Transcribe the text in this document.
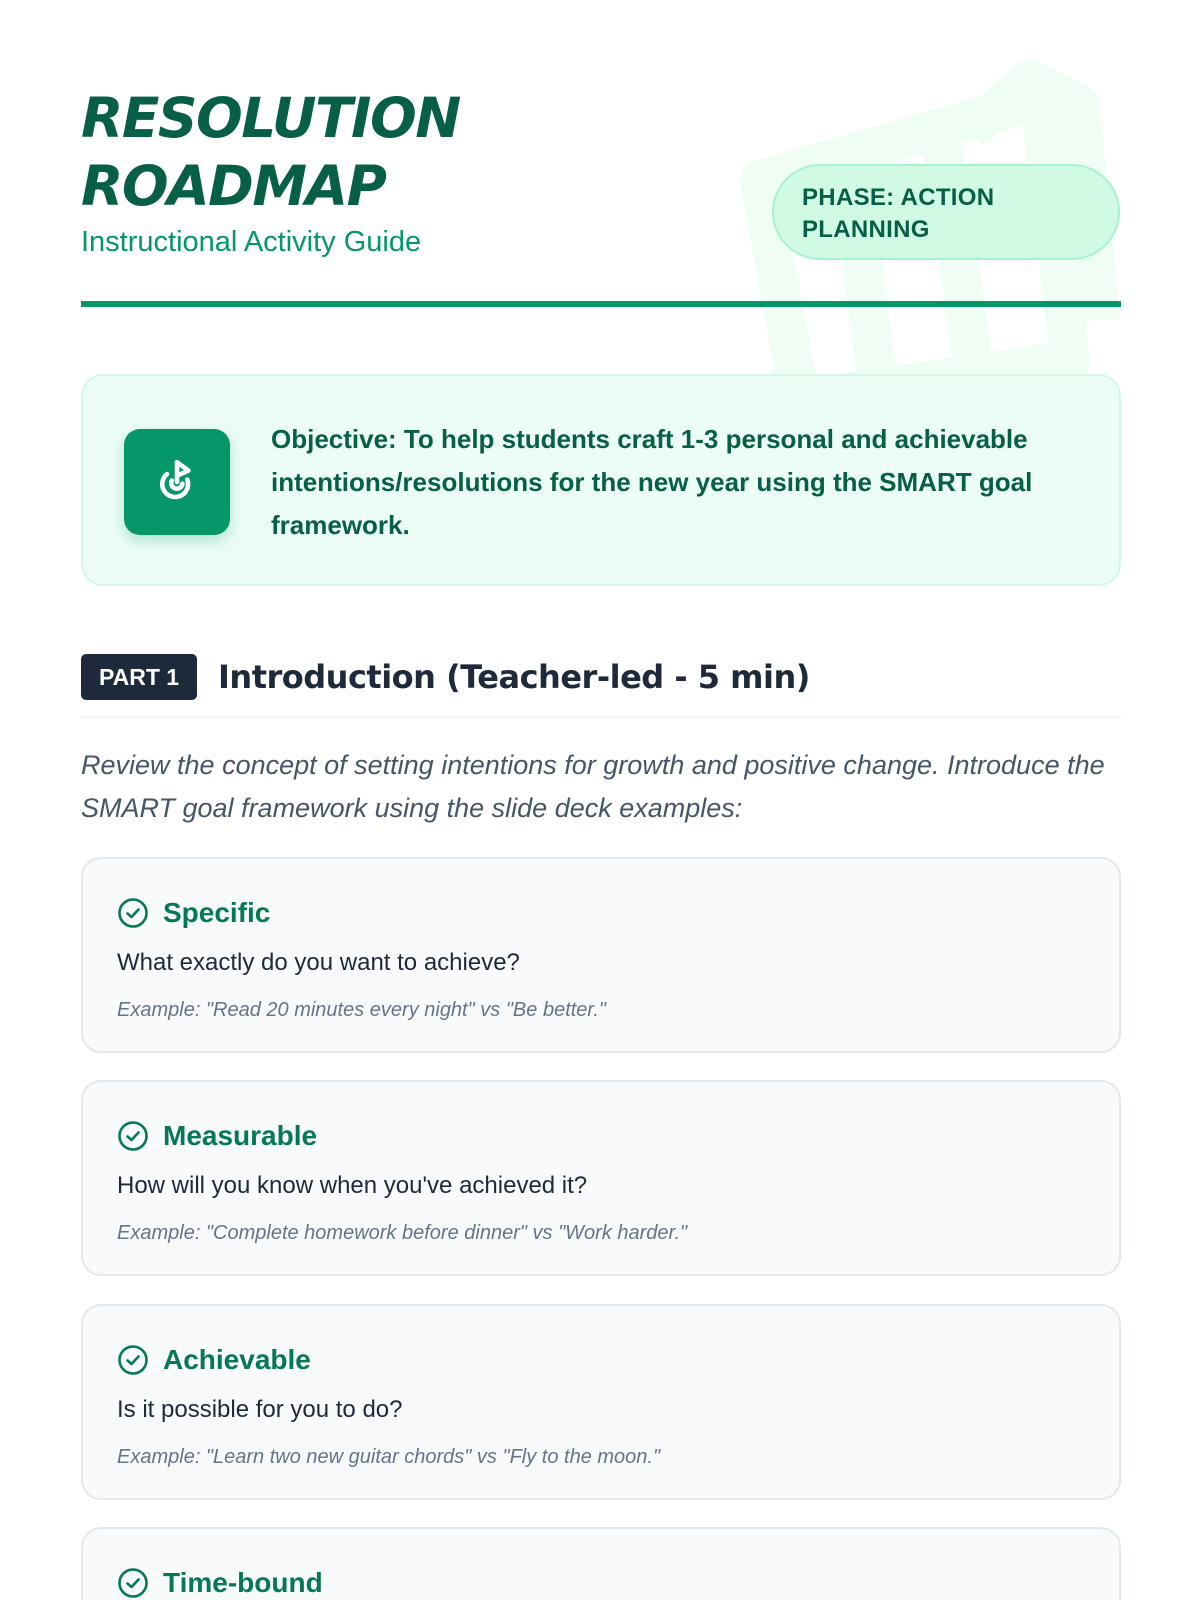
RESOLUTION
ROADMAP

Instructional Activity Guide

PHASE: ACTION
PLANNING

Objective: To help students craft 1-3 personal and achievable intentions/resolutions for the new year using the SMART goal framework.

PART 1	Introduction (Teacher-led - 5 min)

Review the concept of setting intentions for growth and positive change. Introduce the SMART goal framework using the slide deck examples:

Specific

What exactly do you want to achieve?

Example: "Read 20 minutes every night" vs "Be better."

Measurable

How will you know when you've achieved it?

Example: "Complete homework before dinner" vs "Work harder."

Achievable

Is it possible for you to do?

Example: "Learn two new guitar chords" vs "Fly to the moon."

Time-bound
